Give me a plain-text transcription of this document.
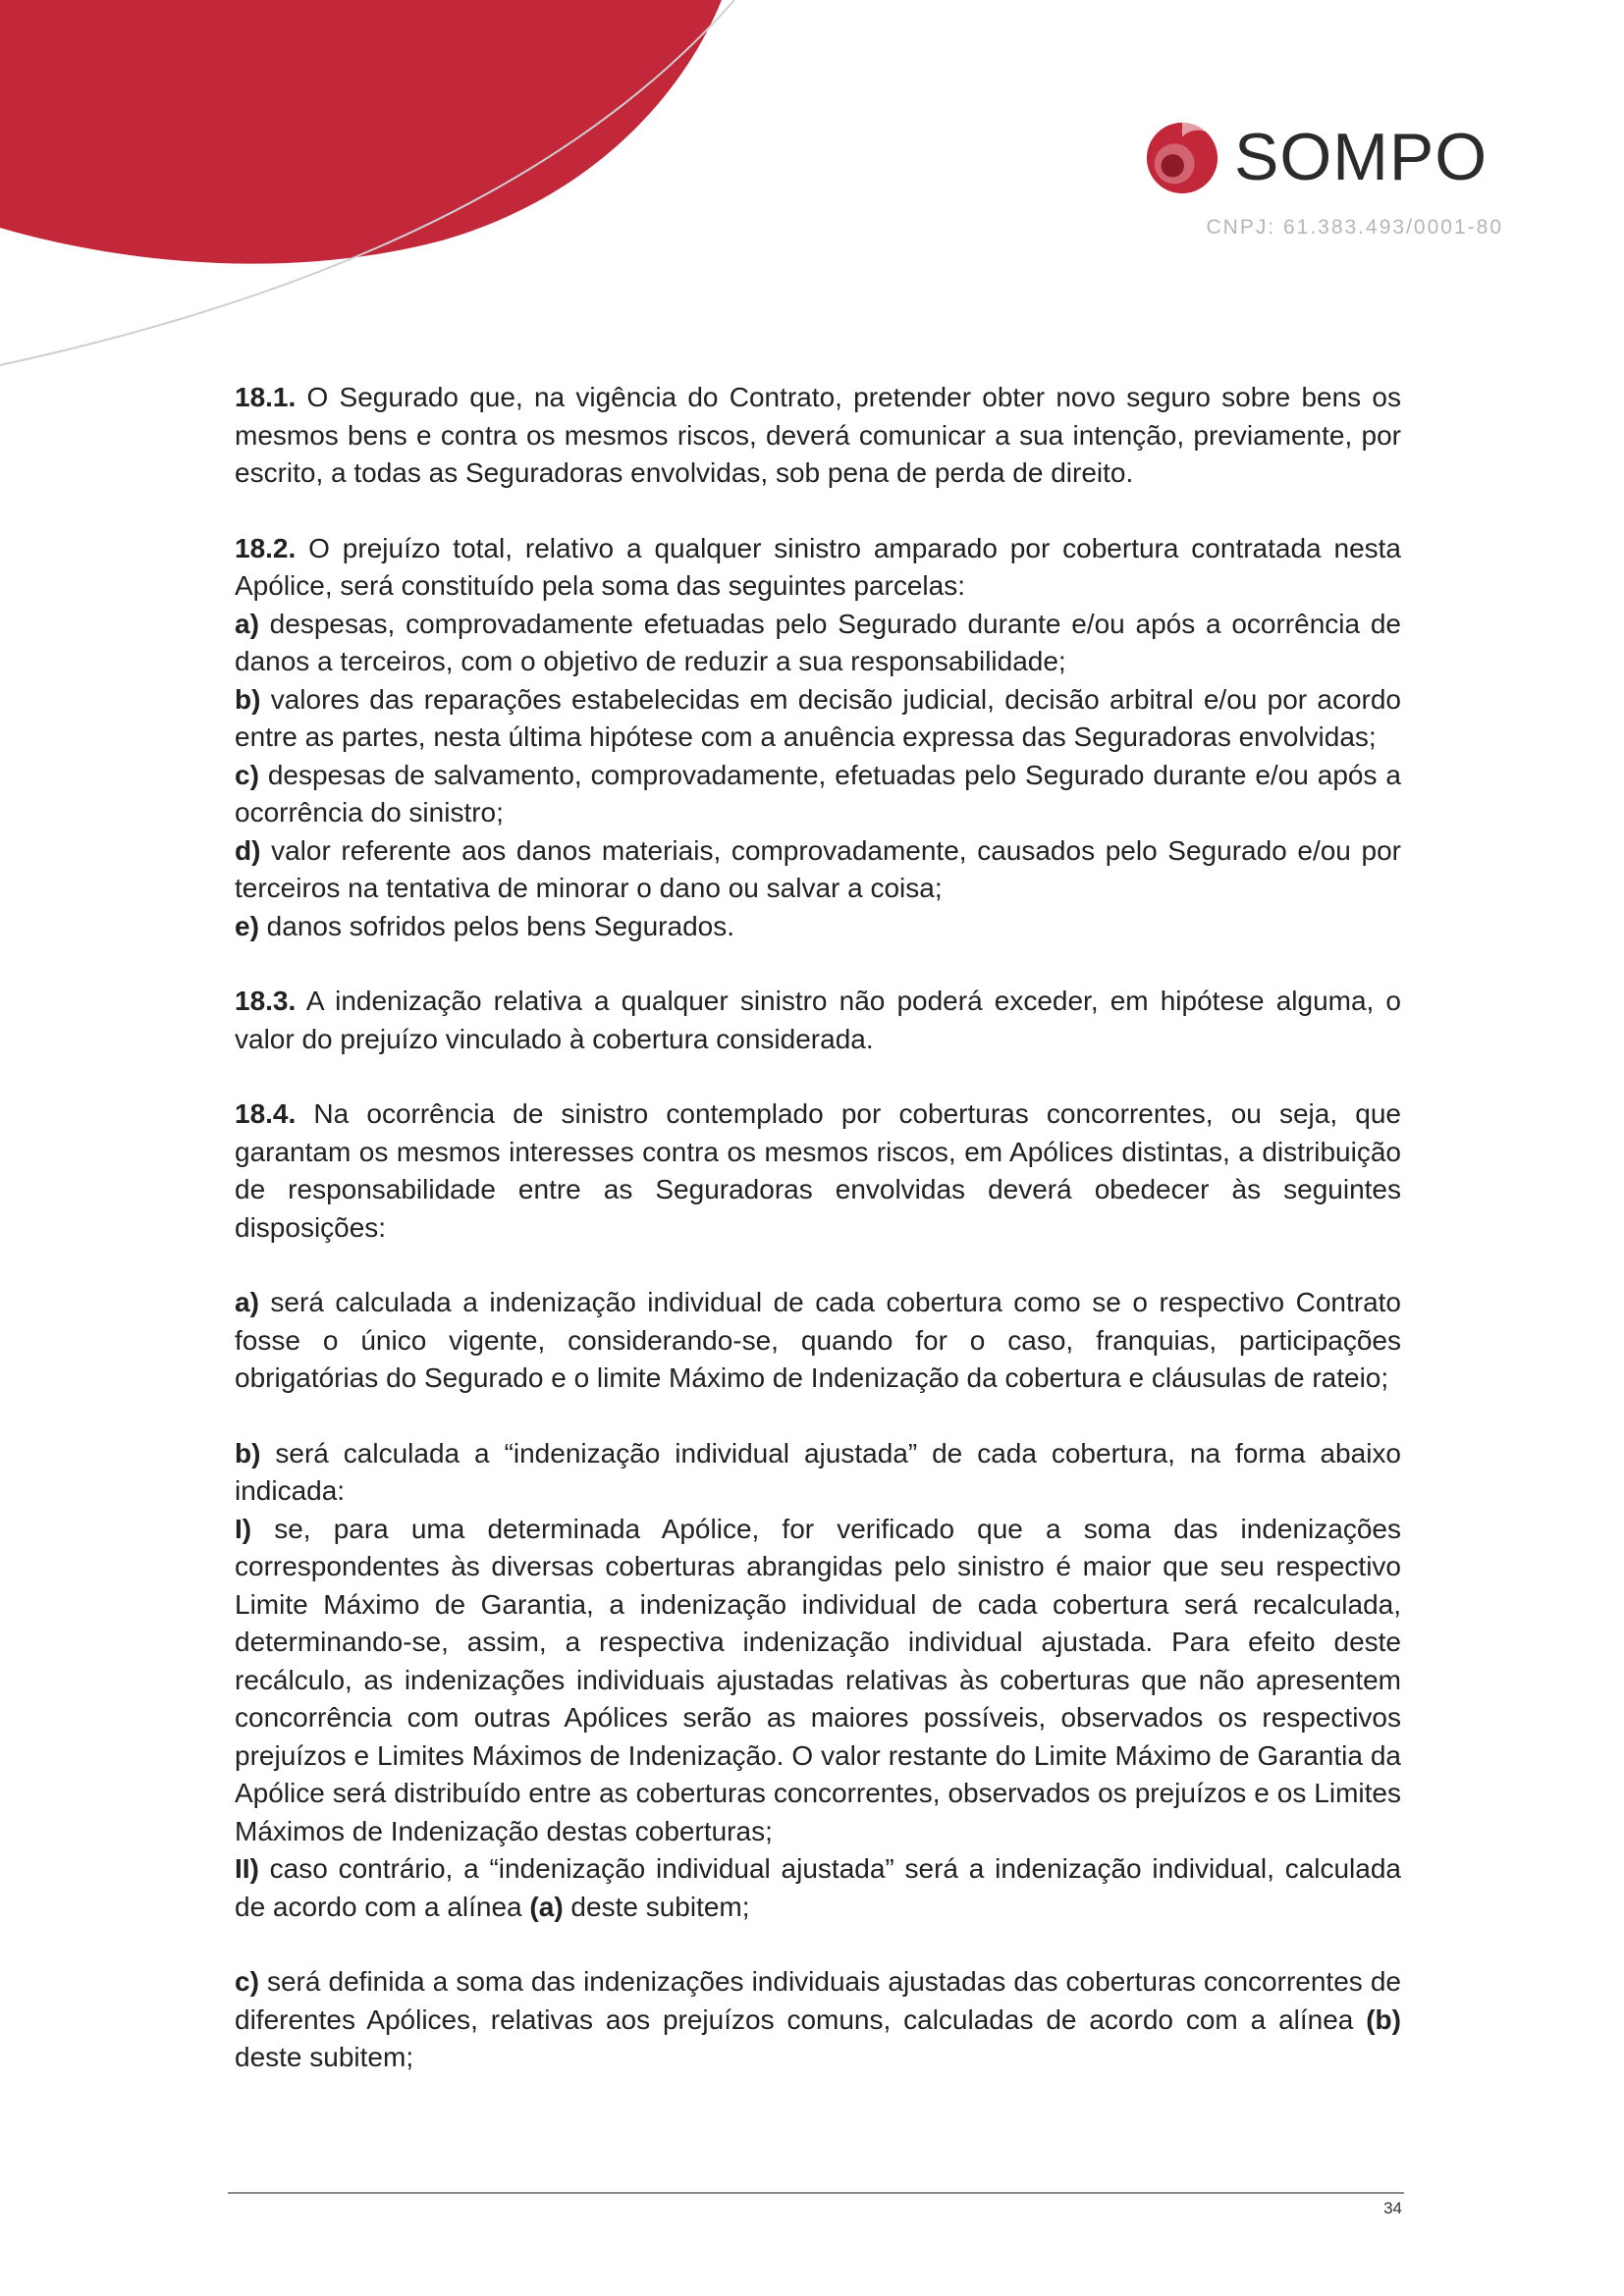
SOMPO
CNPJ: 61.383.493/0001-80

18.1. O Segurado que, na vigência do Contrato, pretender obter novo seguro sobre bens os mesmos bens e contra os mesmos riscos, deverá comunicar a sua intenção, previamente, por escrito, a todas as Seguradoras envolvidas, sob pena de perda de direito.

18.2. O prejuízo total, relativo a qualquer sinistro amparado por cobertura contratada nesta Apólice, será constituído pela soma das seguintes parcelas:

a) despesas, comprovadamente efetuadas pelo Segurado durante e/ou após a ocorrência de danos a terceiros, com o objetivo de reduzir a sua responsabilidade;

b) valores das reparações estabelecidas em decisão judicial, decisão arbitral e/ou por acordo entre as partes, nesta última hipótese com a anuência expressa das Seguradoras envolvidas;

c) despesas de salvamento, comprovadamente, efetuadas pelo Segurado durante e/ou após a ocorrência do sinistro;

d) valor referente aos danos materiais, comprovadamente, causados pelo Segurado e/ou por terceiros na tentativa de minorar o dano ou salvar a coisa;

e) danos sofridos pelos bens Segurados.

18.3. A indenização relativa a qualquer sinistro não poderá exceder, em hipótese alguma, o valor do prejuízo vinculado à cobertura considerada.

18.4. Na ocorrência de sinistro contemplado por coberturas concorrentes, ou seja, que garantam os mesmos interesses contra os mesmos riscos, em Apólices distintas, a distribuição de responsabilidade entre as Seguradoras envolvidas deverá obedecer às seguintes disposições:

a) será calculada a indenização individual de cada cobertura como se o respectivo Contrato fosse o único vigente, considerando-se, quando for o caso, franquias, participações obrigatórias do Segurado e o limite Máximo de Indenização da cobertura e cláusulas de rateio;

b) será calculada a “indenização individual ajustada” de cada cobertura, na forma abaixo indicada:

I) se, para uma determinada Apólice, for verificado que a soma das indenizações correspondentes às diversas coberturas abrangidas pelo sinistro é maior que seu respectivo Limite Máximo de Garantia, a indenização individual de cada cobertura será recalculada, determinando-se, assim, a respectiva indenização individual ajustada. Para efeito deste recálculo, as indenizações individuais ajustadas relativas às coberturas que não apresentem concorrência com outras Apólices serão as maiores possíveis, observados os respectivos prejuízos e Limites Máximos de Indenização. O valor restante do Limite Máximo de Garantia da Apólice será distribuído entre as coberturas concorrentes, observados os prejuízos e os Limites Máximos de Indenização destas coberturas;

II) caso contrário, a “indenização individual ajustada” será a indenização individual, calculada de acordo com a alínea (a) deste subitem;

c) será definida a soma das indenizações individuais ajustadas das coberturas concorrentes de diferentes Apólices, relativas aos prejuízos comuns, calculadas de acordo com a alínea (b) deste subitem;

34
